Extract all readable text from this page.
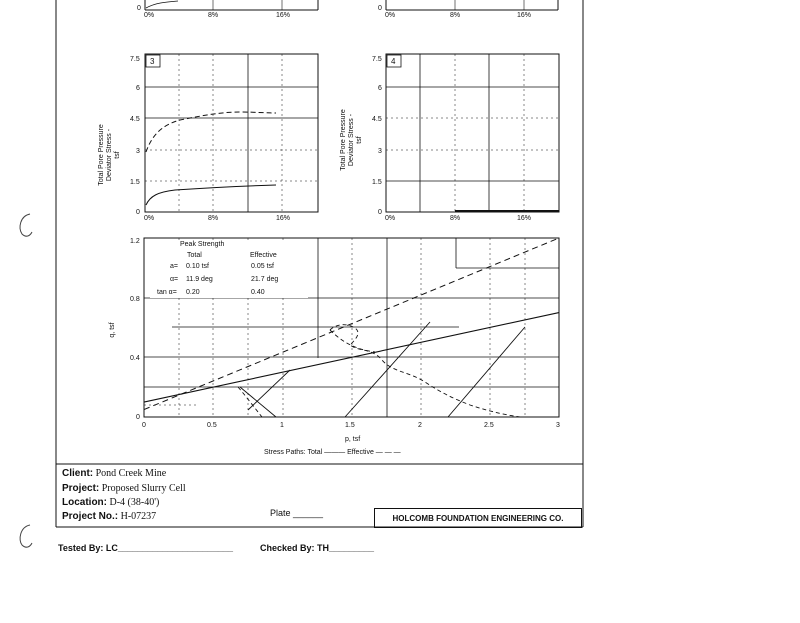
0
0%	8%	16%
0
0%	8%	16%
3
7.5
6
4.5
3
1.5
0
0%	8%	16%
Total Pore Pressure Deviator Stress - tsf
4
7.5
6
4.5
3
1.5
0
0%	8%	16%
Total Pore Pressure Deviator Stress - tsf
Peak Strength
Total	Effective
a= 0.10 tsf	0.05 tsf
α= 11.9 deg	21.7 deg
tan α= 0.20	0.40
1.2
0.8
0.4
0
0	0.5	1	1.5	2	2.5	3
p, tsf
Stress Paths: Total ——— Effective — — —
q, tsf
Client: Pond Creek Mine
Project: Proposed Slurry Cell
Location: D-4 (38-40')
Project No.: H-07237	Plate ______	HOLCOMB FOUNDATION ENGINEERING CO.
Tested By: LC_______________________	Checked By: TH_________
